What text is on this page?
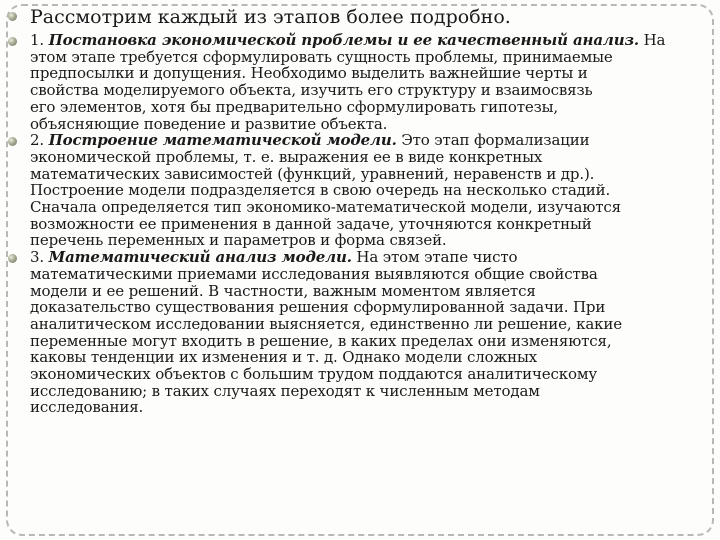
Рассмотрим каждый из этапов более подробно.
1. Постановка экономической проблемы и ее качественный анализ. На
этом этапе требуется сформулировать сущность проблемы, принимаемые
предпосылки и допущения. Необходимо выделить важнейшие черты и
свойства моделируемого объекта, изучить его структуру и взаимосвязь
его элементов, хотя бы предварительно сформулировать гипотезы,
объясняющие поведение и развитие объекта.
2. Построение математической модели. Это этап формализации
экономической проблемы, т. е. выражения ее в виде конкретных
математических зависимостей (функций, уравнений, неравенств и др.).
Построение модели подразделяется в свою очередь на несколько стадий.
Сначала определяется тип экономико-математической модели, изучаются
возможности ее применения в данной задаче, уточняются конкретный
перечень переменных и параметров и форма связей.
3. Математический анализ модели. На этом этапе чисто
математическими приемами исследования выявляются общие свойства
модели и ее решений. В частности, важным моментом является
доказательство существования решения сформулированной задачи. При
аналитическом исследовании выясняется, единственно ли решение, какие
переменные могут входить в решение, в каких пределах они изменяются,
каковы тенденции их изменения и т. д. Однако модели сложных
экономических объектов с большим трудом поддаются аналитическому
исследованию; в таких случаях переходят к численным методам
исследования.
